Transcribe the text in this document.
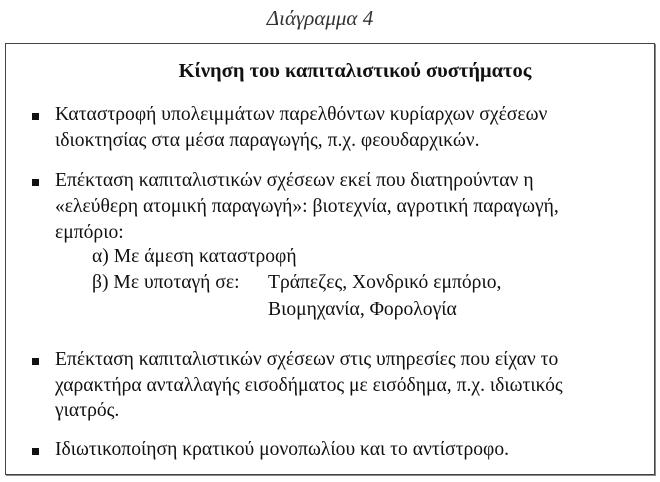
Διάγραμμα 4
Κίνηση του καπιταλιστικού συστήματος
Καταστροφή υπολειμμάτων παρελθόντων κυρίαρχων σχέσεων
ιδιοκτησίας στα μέσα παραγωγής, π.χ. φεουδαρχικών.
Επέκταση καπιταλιστικών σχέσεων εκεί που διατηρούνταν η
«ελεύθερη ατομική παραγωγή»: βιοτεχνία, αγροτική παραγωγή,
εμπόριο:
α) Με άμεση καταστροφή
β) Με υποταγή σε: Τράπεζες, Χονδρικό εμπόριο,
Βιομηχανία, Φορολογία
Επέκταση καπιταλιστικών σχέσεων στις υπηρεσίες που είχαν το
χαρακτήρα ανταλλαγής εισοδήματος με εισόδημα, π.χ. ιδιωτικός
γιατρός.
Ιδιωτικοποίηση κρατικού μονοπωλίου και το αντίστροφο.
